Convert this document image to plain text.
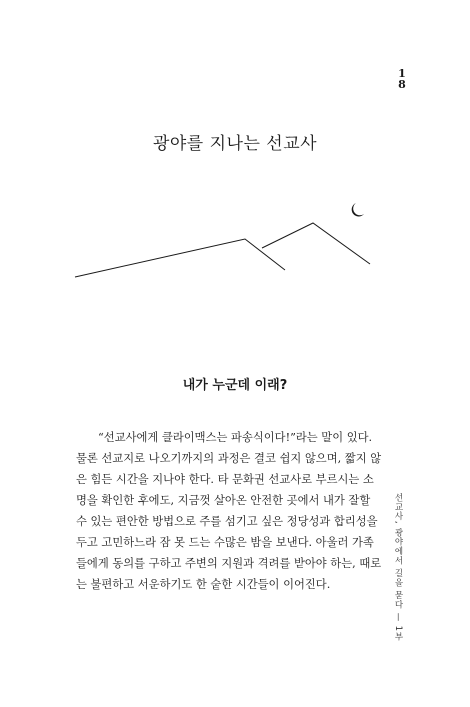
1
8
광야를 지나는 선교사
내가 누군데 이래?

“선교사에게 클라이맥스는 파송식이다!”라는 말이 있다.
물론 선교지로 나오기까지의 과정은 결코 쉽지 않으며, 짧지 않
은 힘든 시간을 지나야 한다. 타 문화권 선교사로 부르시는 소
명을 확인한 후에도, 지금껏 살아온 안전한 곳에서 내가 잘할
수 있는 편안한 방법으로 주를 섬기고 싶은 정당성과 합리성을
두고 고민하느라 잠 못 드는 수많은 밤을 보낸다. 아울러 가족
들에게 동의를 구하고 주변의 지원과 격려를 받아야 하는, 때로
는 불편하고 서운하기도 한 숱한 시간들이 이어진다.	선교사, 광야에서 길을 묻다 — 1부
